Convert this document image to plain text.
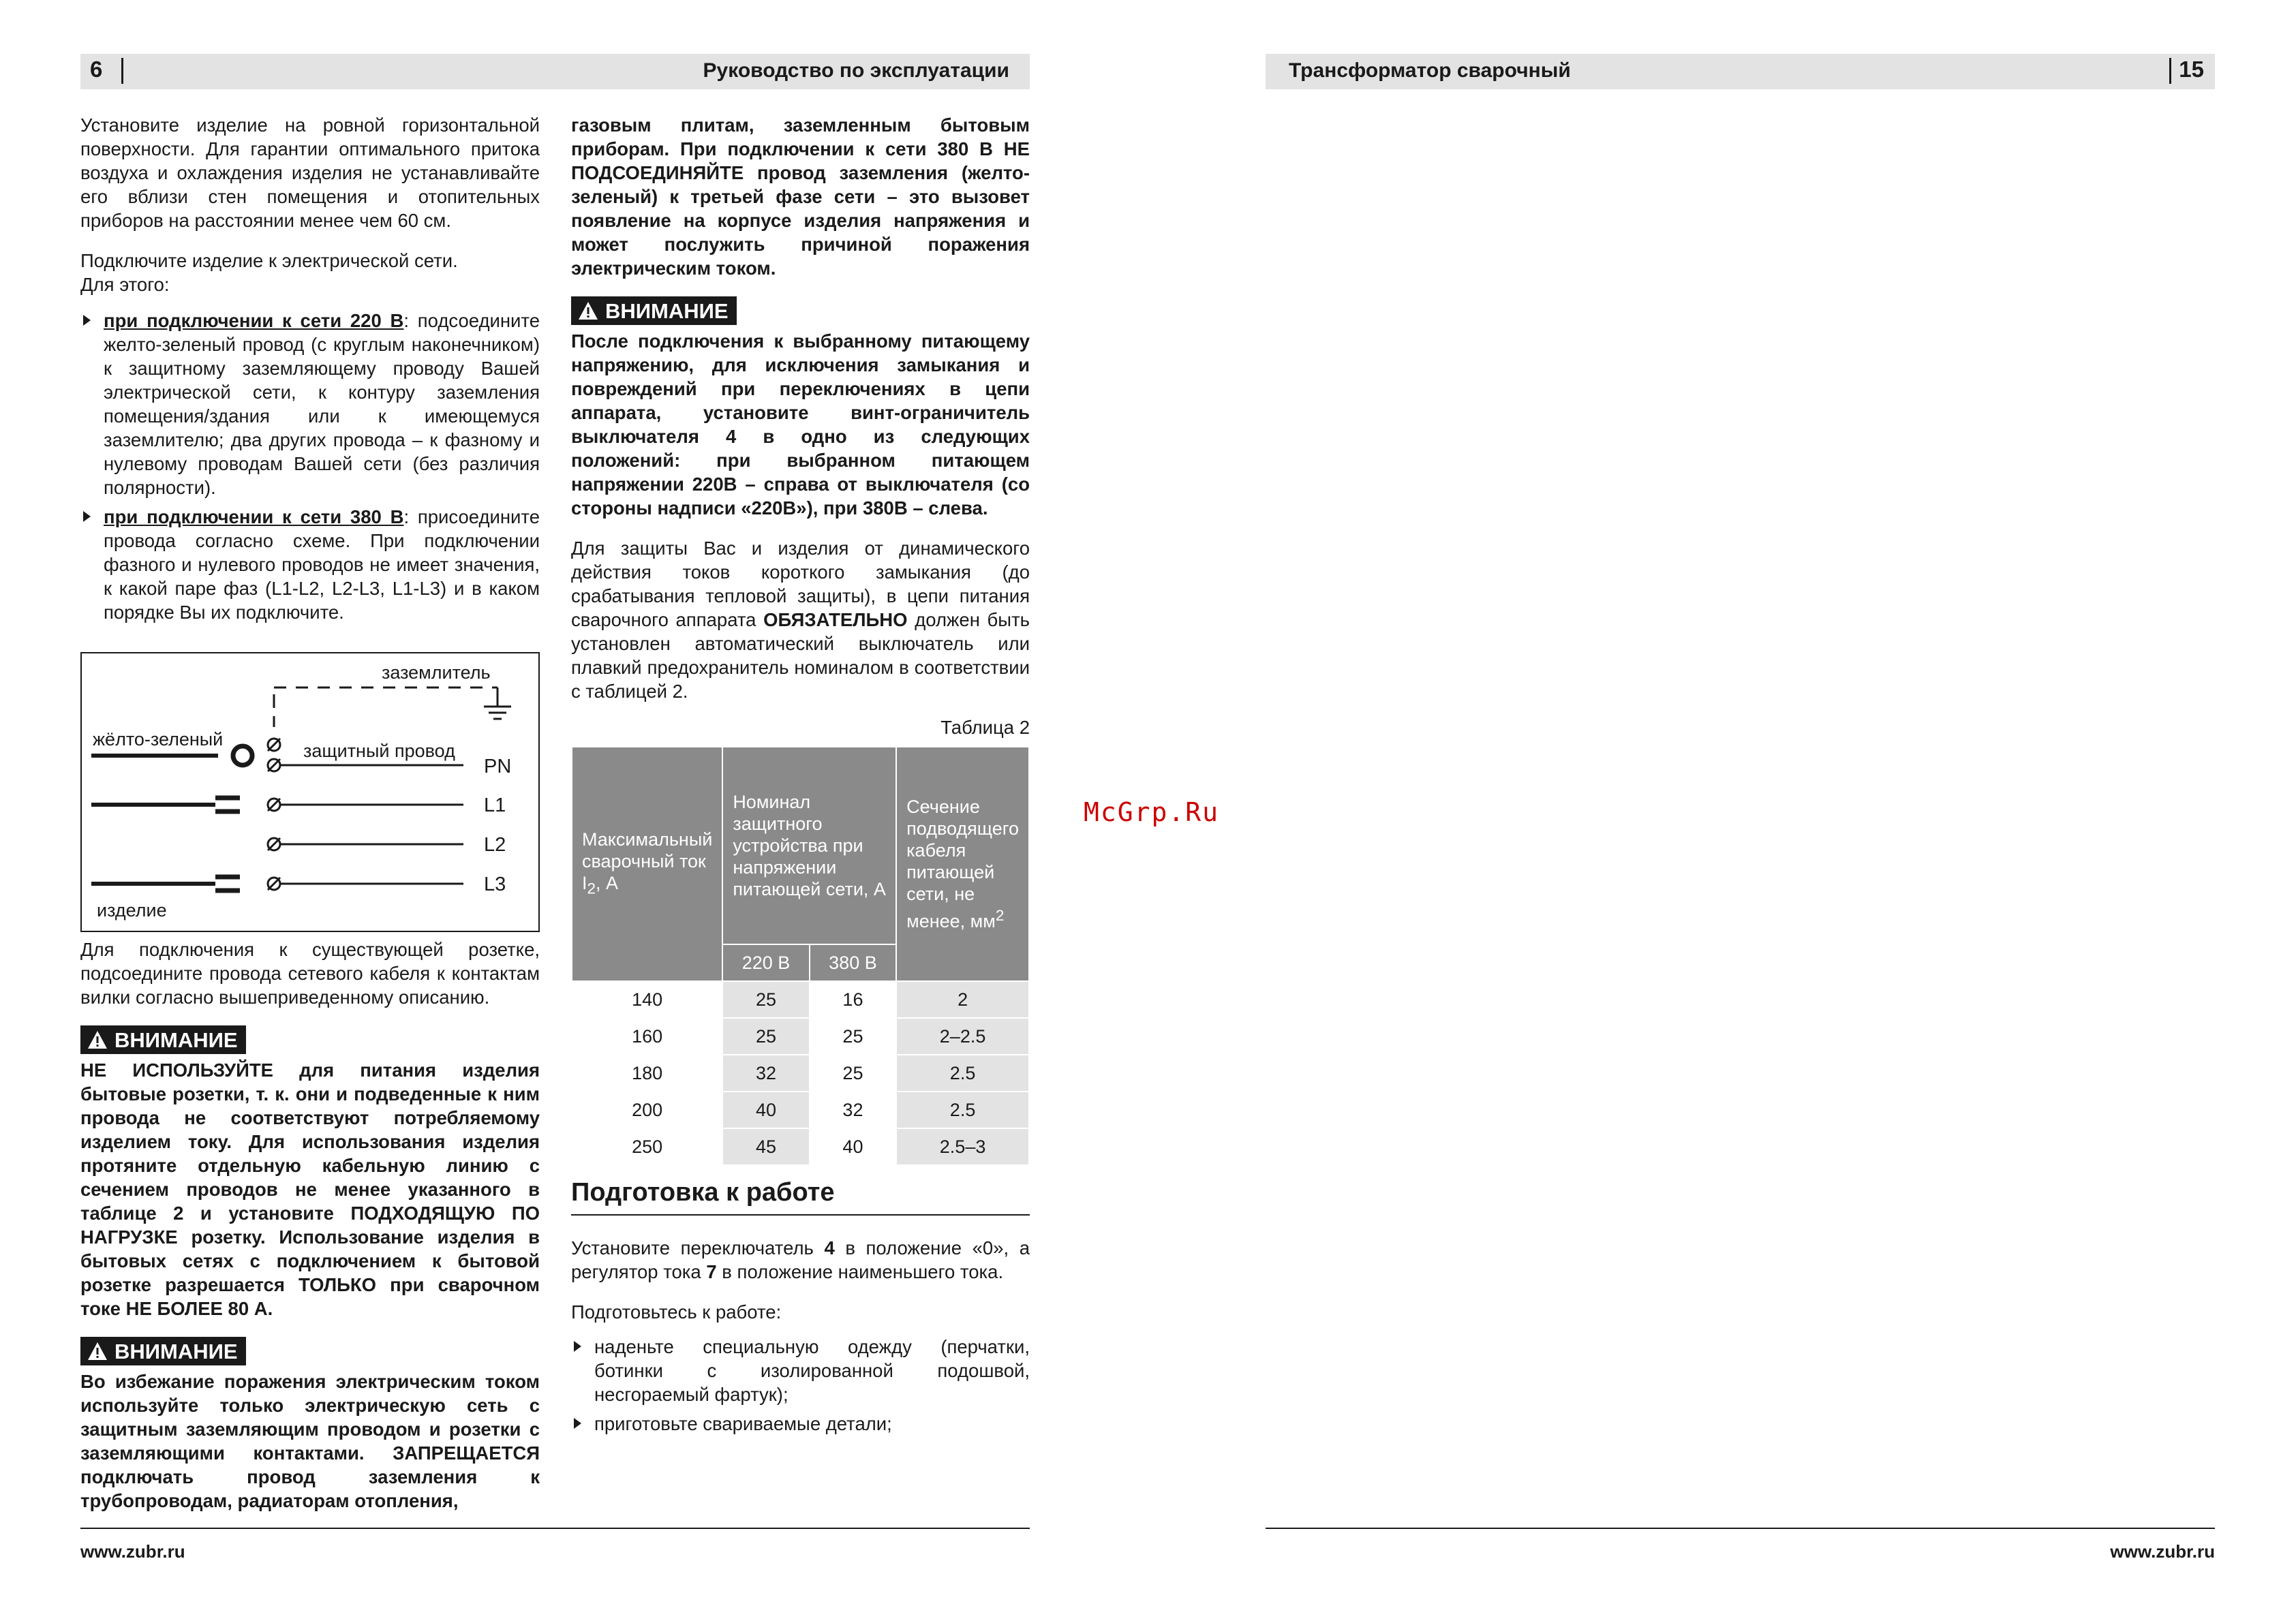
6	Руководство по эксплуатации	Трансформатор сварочный	15

Установите изделие на ровной горизонтальной поверхности. Для гарантии оптимального притока воздуха и охлаждения изделия не устанавливайте его вблизи стен помещения и отопительных приборов на расстоянии менее чем 60 см.

Подключите изделие к электрической сети.
Для этого:

при подключении к сети 220 В: подсоедините желто-зеленый провод (с круглым наконечником) к защитному заземляющему проводу Вашей электрической сети, к контуру заземления помещения/здания или к имеющемуся заземлителю; два других провода – к фазному и нулевому проводам Вашей сети (без различия полярности).
при подключении к сети 380 В: присоедините провода согласно схеме. При подключении фазного и нулевого проводов не имеет значения, к какой паре фаз (L1-L2, L2-L3, L1-L3) и в каком порядке Вы их подключите.
заземлитель
защитный провод
PN
жёлто-зеленый
L1
L2
L3
изделие

Для подключения к существующей розетке, подсоедините провода сетевого кабеля к контактам вилки согласно вышеприведенному описанию.

ВНИМАНИЕ

НЕ ИСПОЛЬЗУЙТЕ для питания изделия бытовые розетки, т. к. они и подведенные к ним провода не соответствуют потребляемому изделием току. Для использования изделия протяните отдельную кабельную линию с сечением проводов не менее указанного в таблице 2 и установите ПОДХОДЯЩУЮ ПО НАГРУЗКЕ розетку. Использование изделия в бытовых сетях с подключением к бытовой розетке разрешается ТОЛЬКО при сварочном токе НЕ БОЛЕЕ 80 А.

ВНИМАНИЕ

Во избежание поражения электрическим током используйте только электрическую сеть с защитным заземляющим проводом и розетки с заземляющими контактами. ЗАПРЕЩАЕТСЯ подключать провод заземления к трубопроводам, радиаторам отопления,

газовым плитам, заземленным бытовым приборам. При подключении к сети 380 В НЕ ПОДСОЕДИНЯЙТЕ провод заземления (желто-зеленый) к третьей фазе сети – это вызовет появление на корпусе изделия напряжения и может послужить причиной поражения электрическим током.

ВНИМАНИЕ

После подключения к выбранному питающему напряжению, для исключения замыкания и повреждений при переключениях в цепи аппарата, установите винт-ограничитель выключателя 4 в одно из следующих положений: при выбранном питающем напряжении 220В – справа от выключателя (со стороны надписи «220В»), при 380В – слева.

Для защиты Вас и изделия от динамического действия токов короткого замыкания (до срабатывания тепловой защиты), в цепи питания сварочного аппарата ОБЯЗАТЕЛЬНО должен быть установлен автоматический выключатель или плавкий предохранитель номиналом в соответствии с таблицей 2.

Таблица 2
Максимальный сварочный ток
$I_2$, А	Номинал защитного устройства при напряжении питающей сети, А		Сечение подводящего кабеля питающей сети, не менее, $мм^2$
	220 В	380 В	
140	25	16	2
160	25	25	2–2.5
180	32	25	2.5
200	40	32	2.5
250	45	40	2.5–3
Подготовка к работе

Установите переключатель 4 в положение «0», а регулятор тока 7 в положение наименьшего тока.

Подготовьтесь к работе:

наденьте специальную одежду (перчатки, ботинки с изолированной подошвой, несгораемый фартук);
приготовьте свариваемые детали;
www.zubr.ru	www.zubr.ru
McGrp.Ru
